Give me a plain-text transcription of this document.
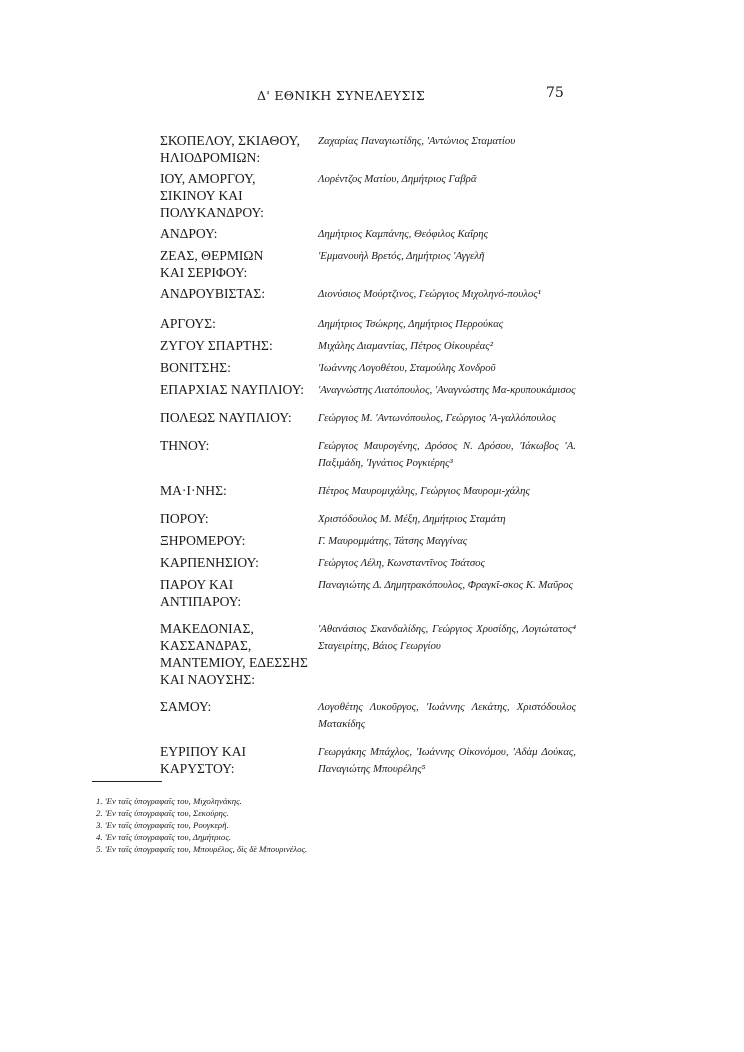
Δ' ΕΘΝΙΚΗ ΣΥΝΕΛΕΥΣΙΣ	75
ΣΚΟΠΕΛΟΥ, ΣΚΙΑΘΟΥ,
ΗΛΙΟΔΡΟΜΙΩΝ:
Ζαχαρίας Παναγιωτίδης, 'Αντώνιος Σταματίου
ΙΟΥ, ΑΜΟΡΓΟΥ,
ΣΙΚΙΝΟΥ ΚΑΙ
ΠΟΛΥΚΑΝΔΡΟΥ:
Λορέντζος Ματίου, Δημήτριος Γαβρᾶ
ΑΝΔΡΟΥ:	Δημήτριος Καμπάνης, Θεόφιλος Καΐρης
ΖΕΑΣ, ΘΕΡΜΙΩΝ
ΚΑΙ ΣΕΡΙΦΟΥ:
'Εμμανουὴλ Βρετός, Δημήτριος 'Αγγελῆ
ΑΝΔΡΟΥΒΙΣΤΑΣ:	Διονύσιος Μούρτζινος, Γεώργιος Μιχοληνό-πουλος¹
ΑΡΓΟΥΣ:	Δημήτριος Τσώκρης, Δημήτριος Περρούκας
ΖΥΓΟΥ ΣΠΑΡΤΗΣ:	Μιχάλης Διαμαντίας, Πέτρος Οἰκουρέας²
ΒΟΝΙΤΣΗΣ:	'Ιωάννης Λογοθέτου, Σταμούλης Χονδροῦ
ΕΠΑΡΧΙΑΣ ΝΑΥΠΛΙΟΥ:	'Αναγνώστης Λιατόπουλος, 'Αναγνώστης Μα-κρυπουκάμισος
ΠΟΛΕΩΣ ΝΑΥΠΛΙΟΥ:	Γεώργιος Μ. 'Αντωνόπουλος, Γεώργιος 'Α-γαλλόπουλος
ΤΗΝΟΥ:	Γεώργιος Μαυρογένης, Δρόσος Ν. Δρόσου, 'Ιάκωβος 'Α. Παξιμάδη, 'Ιγνάτιος Ρογκιέρης³
ΜΑ·Ι·ΝΗΣ:	Πέτρος Μαυρομιχάλης, Γεώργιος Μαυρομι-χάλης
ΠΟΡΟΥ:	Χριστόδουλος Μ. Μέξη, Δημήτριος Σταμάτη
ΞΗΡΟΜΕΡΟΥ:	Γ. Μαυρομμάτης, Τάτσης Μαγγίνας
ΚΑΡΠΕΝΗΣΙΟΥ:	Γεώργιος Λέλη, Κωνσταντῖνος Τσάτσος
ΠΑΡΟΥ ΚΑΙ
ΑΝΤΙΠΑΡΟΥ:
Παναγιώτης Δ. Δημητρακόπουλος, Φραγκῖ-σκος Κ. Μαῦρος
ΜΑΚΕΔΟΝΙΑΣ,
ΚΑΣΣΑΝΔΡΑΣ,
ΜΑΝΤΕΜΙΟΥ, ΕΔΕΣΣΗΣ
ΚΑΙ ΝΑΟΥΣΗΣ:
'Αθανάσιος Σκανδαλίδης, Γεώργιος Χρυσίδης, Λογιώτατος⁴ Σταγειρίτης, Βάιος Γεωργίου
ΣΑΜΟΥ:	Λογοθέτης Λυκοῦργος, 'Ιωάννης Λεκάτης, Χριστόδουλος Ματακίδης
ΕΥΡΙΠΟΥ ΚΑΙ
ΚΑΡΥΣΤΟΥ:
Γεωργάκης Μπάχλος, 'Ιωάννης Οἰκονόμου, 'Αδὰμ Δούκας, Παναγιώτης Μπουρέλης⁵
1. 'Εν ταῖς ὑπογραφαῖς του, Μιχοληνάκης.
2. 'Εν ταῖς ὑπογραφαῖς του, Σεκούρης.
3. 'Εν ταῖς ὑπογραφαῖς του, Ρουγκερῆ.
4. 'Εν ταῖς ὑπογραφαῖς του, Δημήτριος.
5. 'Εν ταῖς ὑπογραφαῖς του, Μπουρέλος, δὶς δὲ Μπουρινέλος.
